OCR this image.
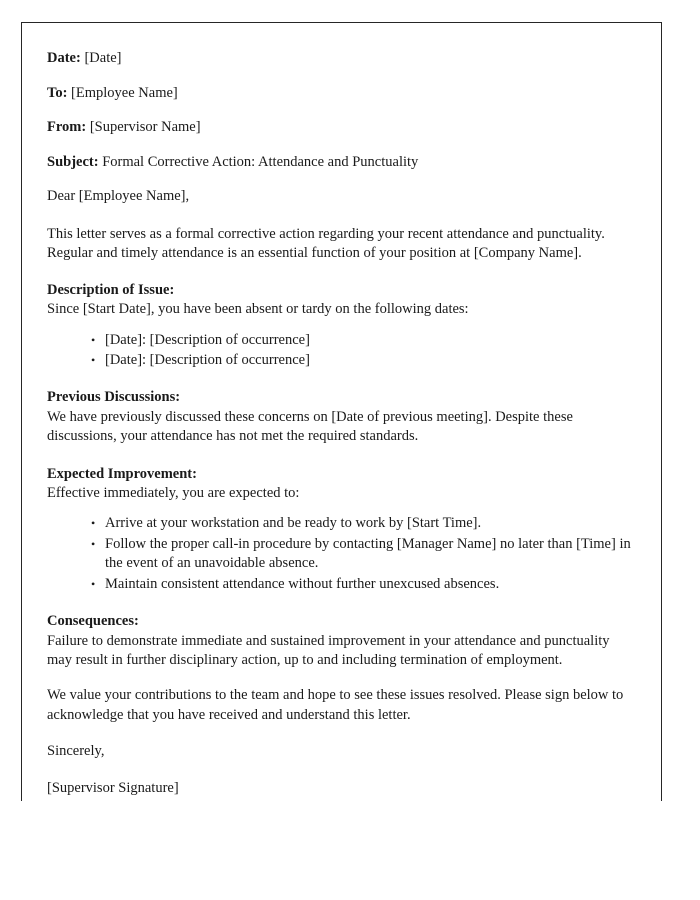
Date: [Date]

To: [Employee Name]

From: [Supervisor Name]

Subject: Formal Corrective Action: Attendance and Punctuality

Dear [Employee Name],

This letter serves as a formal corrective action regarding your recent attendance and punctuality. Regular and timely attendance is an essential function of your position at [Company Name].

Description of Issue:

Since [Start Date], you have been absent or tardy on the following dates:

• [Date]: [Description of occurrence]
• [Date]: [Description of occurrence]

Previous Discussions:

We have previously discussed these concerns on [Date of previous meeting]. Despite these discussions, your attendance has not met the required standards.

Expected Improvement:

Effective immediately, you are expected to:

• Arrive at your workstation and be ready to work by [Start Time].
• Follow the proper call-in procedure by contacting [Manager Name] no later than [Time] in the event of an unavoidable absence.
• Maintain consistent attendance without further unexcused absences.

Consequences:

Failure to demonstrate immediate and sustained improvement in your attendance and punctuality may result in further disciplinary action, up to and including termination of employment.

We value your contributions to the team and hope to see these issues resolved. Please sign below to acknowledge that you have received and understand this letter.

Sincerely,

[Supervisor Signature]
